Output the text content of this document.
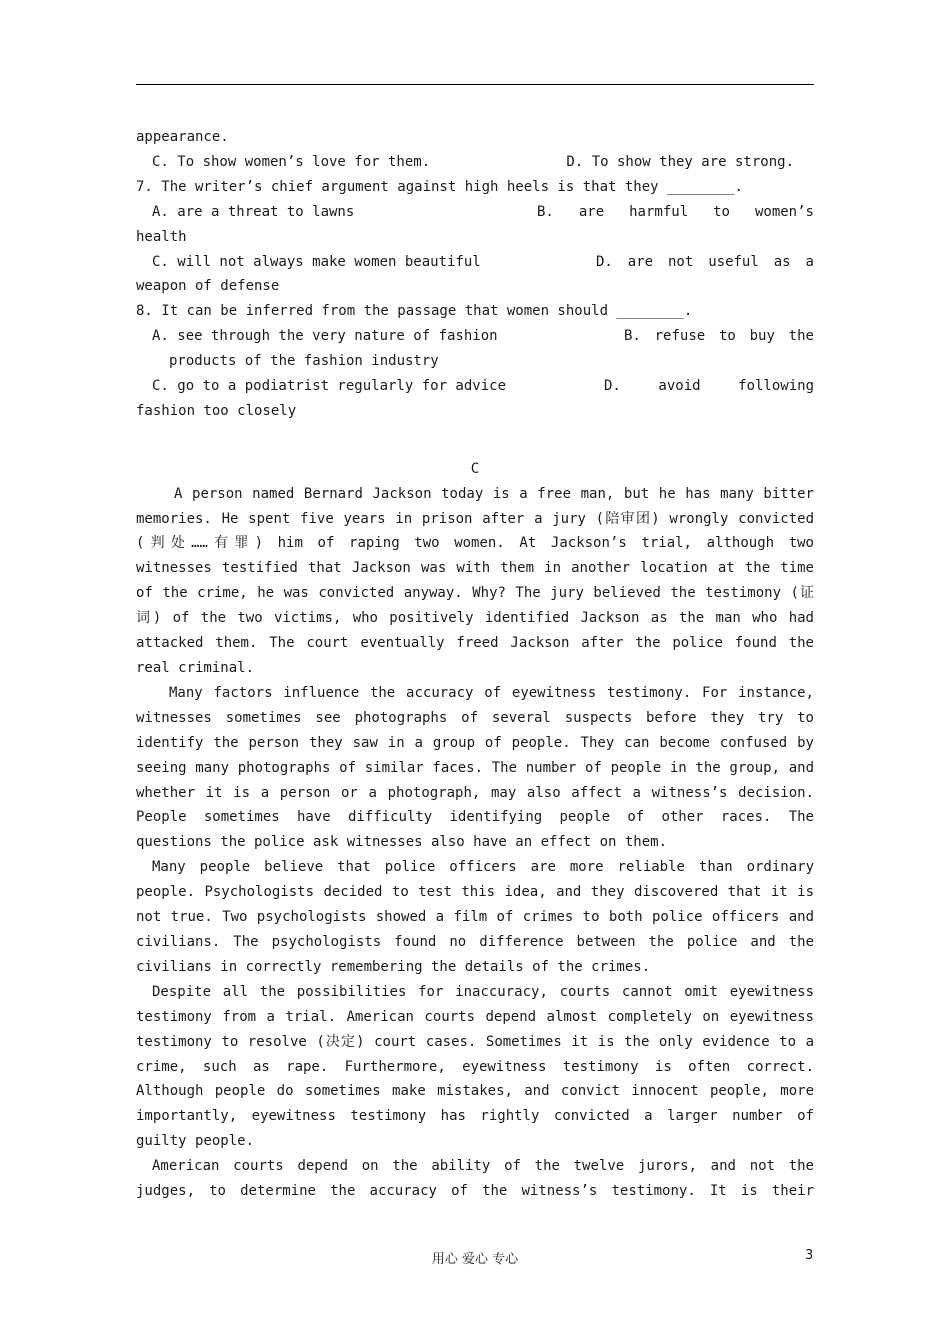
appearance.
C. To show women’s love for them.	D. To show they are strong.
7. The writer’s chief argument against high heels is that they ________.
A. are a threat to lawns	B. are harmful to women’s
health
C. will not always make women beautiful	D. are not useful as a
weapon of defense
8. It can be inferred from the passage that women should ________.
A. see through the very nature of fashion	B. refuse to buy the
products of the fashion industry
C. go to a podiatrist regularly for advice	D.	avoid	following
fashion too closely
C
A person named Bernard Jackson today is a free man, but he has many bitter
memories. He spent five years in prison after a jury (陪审团) wrongly convicted
(判处……有罪) him of raping two women. At Jackson’s trial, although two
witnesses testified that Jackson was with them in another location at the time
of the crime, he was convicted anyway. Why? The jury believed the testimony (证
词) of the two victims, who positively identified Jackson as the man who had
attacked them. The court eventually freed Jackson after the police found the
real criminal.
Many factors influence the accuracy of eyewitness testimony. For instance,
witnesses sometimes see photographs of several suspects before they try to
identify the person they saw in a group of people. They can become confused by
seeing many photographs of similar faces. The number of people in the group, and
whether it is a person or a photograph, may also affect a witness’s decision.
People sometimes have difficulty identifying people of other races. The
questions the police ask witnesses also have an effect on them.
Many people believe that police officers are more reliable than ordinary
people. Psychologists decided to test this idea, and they discovered that it is
not true. Two psychologists showed a film of crimes to both police officers and
civilians. The psychologists found no difference between the police and the
civilians in correctly remembering the details of the crimes.
Despite all the possibilities for inaccuracy, courts cannot omit eyewitness
testimony from a trial. American courts depend almost completely on eyewitness
testimony to resolve (决定) court cases. Sometimes it is the only evidence to a
crime, such as rape. Furthermore, eyewitness testimony is often correct.
Although people do sometimes make mistakes, and convict innocent people, more
importantly, eyewitness testimony has rightly convicted a larger number of
guilty people.
American courts depend on the ability of the twelve jurors, and not the
judges, to determine the accuracy of the witness’s testimony. It is their
用心 爱心 专心	3
